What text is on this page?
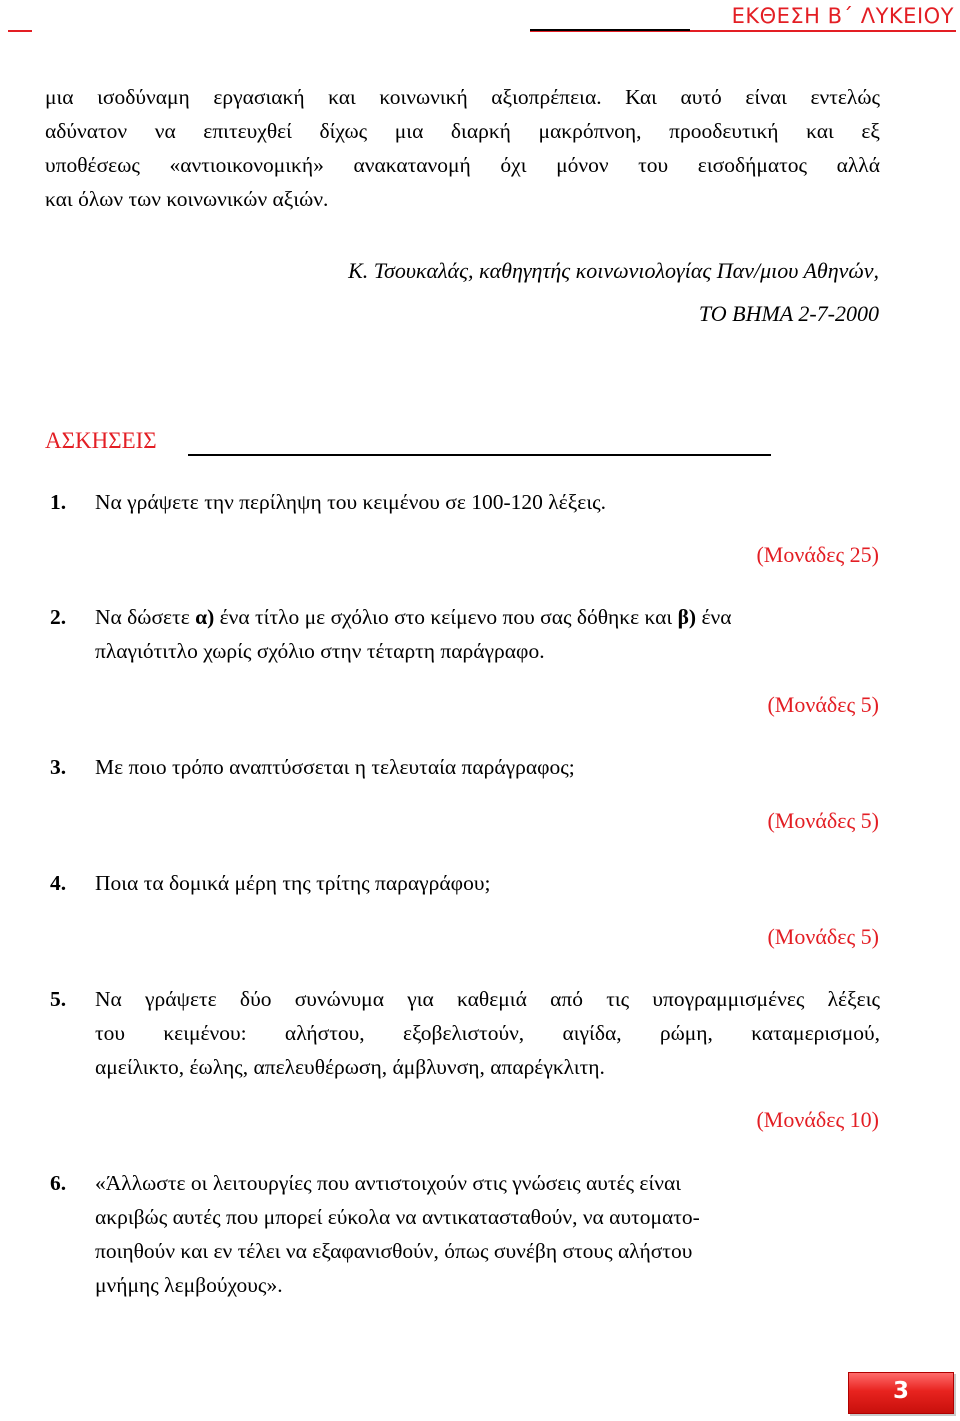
ΕΚΘΕΣΗ Β΄ ΛΥΚΕΙΟΥ
μια ισοδύναμη εργασιακή και κοινωνική αξιοπρέπεια. Και αυτό είναι εντελώς
αδύνατον να επιτευχθεί δίχως μια διαρκή μακρόπνοη, προοδευτική και εξ
υποθέσεως «αντιοικονομική» ανακατανομή όχι μόνον του εισοδήματος αλλά
και όλων των κοινωνικών αξιών.
Κ. Τσουκαλάς, καθηγητής κοινωνιολογίας Παν/μιου Αθηνών,
ΤΟ ΒΗΜΑ 2-7-2000
ΑΣΚΗΣΕΙΣ
1. Να γράψετε την περίληψη του κειμένου σε 100-120 λέξεις.
(Μονάδες 25)
2. Να δώσετε α) ένα τίτλο με σχόλιο στο κείμενο που σας δόθηκε και β) ένα
πλαγιότιτλο χωρίς σχόλιο στην τέταρτη παράγραφο.
(Μονάδες 5)
3. Με ποιο τρόπο αναπτύσσεται η τελευταία παράγραφος;
(Μονάδες 5)
4. Ποια τα δομικά μέρη της τρίτης παραγράφου;
(Μονάδες 5)
5. Να γράψετε δύο συνώνυμα για καθεμιά από τις υπογραμμισμένες λέξεις
του κειμένου: αλήστου, εξοβελιστούν, αιγίδα, ρώμη, καταμερισμού,
αμείλικτο, έωλης, απελευθέρωση, άμβλυνση, απαρέγκλιτη.
(Μονάδες 10)
6. «Άλλωστε οι λειτουργίες που αντιστοιχούν στις γνώσεις αυτές είναι
ακριβώς αυτές που μπορεί εύκολα να αντικατασταθούν, να αυτοματο-
ποιηθούν και εν τέλει να εξαφανισθούν, όπως συνέβη στους αλήστου
μνήμης λεμβούχους».
3
